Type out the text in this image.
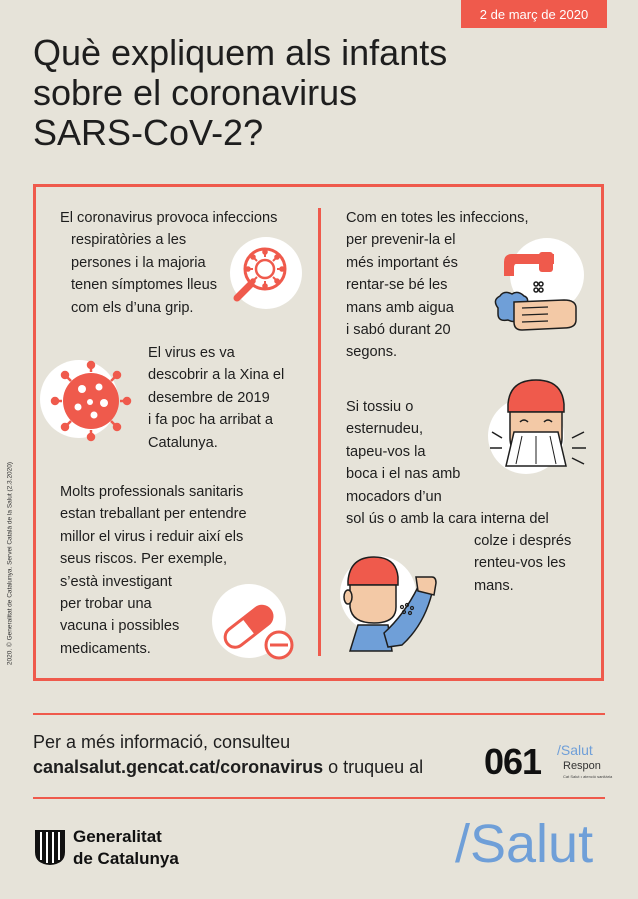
2 de març de 2020
Què expliquem als infants
sobre el coronavirus
SARS-CoV-2?
2020. © Generalitat de Catalunya. Servei Català de la Salut (2.3.2020)
El coronavirus provoca infeccions
respiratòries a les
persones i la majoria
tenen símptomes lleus
com els d’una grip.
El virus es va
descobrir a la Xina el
desembre de 2019
i fa poc ha arribat a
Catalunya.
Molts professionals sanitaris
estan treballant per entendre
millor el virus i reduir així els
seus riscos. Per exemple,
s’està investigant
per trobar una
vacuna i possibles
medicaments.
Com en totes les infeccions,
per prevenir-la el
més important és
rentar-se bé les
mans amb aigua
i sabó durant 20
segons.
Si tossiu o
esternudeu,
tapeu-vos la
boca i el nas amb
mocadors d’un
sol ús o amb la cara interna del
colze i després
renteu-vos les
mans.
Per a més informació, consulteu
canalsalut.gencat.cat/coronavirus o truqueu al 061 /Salut
Respon
Cat Salut • atenció sanitària
Generalitat
de Catalunya	/Salut
